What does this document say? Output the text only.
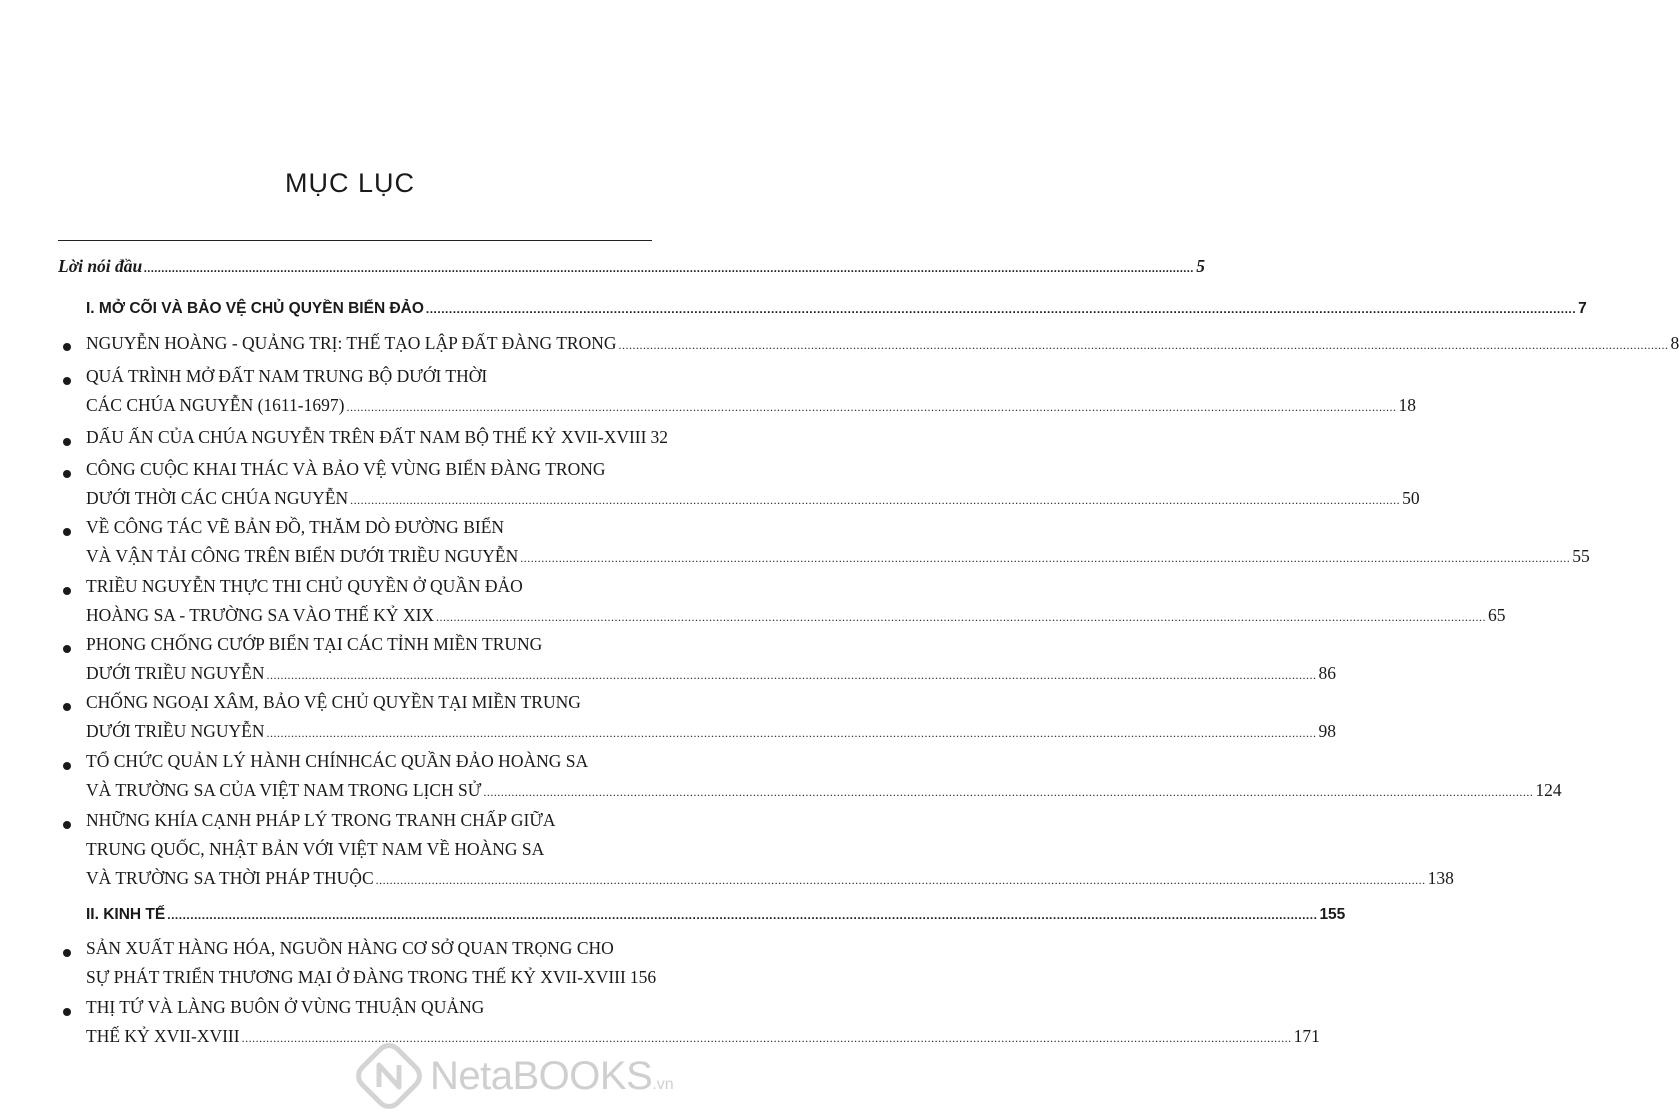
MỤC LỤC
Lời nói đầu ............................................................................................................................................................................................................................................................................................................ 5
I. MỞ CÕI VÀ BẢO VỆ CHỦ QUYỀN BIỂN ĐẢO ............................................................................................................................................................................................................................................................................................................ 7
NGUYỄN HOÀNG - QUẢNG TRỊ: THẾ TẠO LẬP ĐẤT ĐÀNG TRONG ............................................................................................................................................................................................................................................................................................................ 8
QUÁ TRÌNH MỞ ĐẤT NAM TRUNG BỘ DƯỚI THỜI
CÁC CHÚA NGUYỄN (1611-1697) ............................................................................................................................................................................................................................................................................................................ 18
DẤU ẤN CỦA CHÚA NGUYỄN TRÊN ĐẤT NAM BỘ THẾ KỶ XVII-XVIII 32
CÔNG CUỘC KHAI THÁC VÀ BẢO VỆ VÙNG BIỂN ĐÀNG TRONG
DƯỚI THỜI CÁC CHÚA NGUYỄN ............................................................................................................................................................................................................................................................................................................ 50
VỀ CÔNG TÁC VẼ BẢN ĐỒ, THĂM DÒ ĐƯỜNG BIỂN
VÀ VẬN TẢI CÔNG TRÊN BIỂN DƯỚI TRIỀU NGUYỄN ............................................................................................................................................................................................................................................................................................................ 55
TRIỀU NGUYỄN THỰC THI CHỦ QUYỀN Ở QUẦN ĐẢO
HOÀNG SA - TRƯỜNG SA VÀO THẾ KỶ XIX ............................................................................................................................................................................................................................................................................................................ 65
PHONG CHỐNG CƯỚP BIỂN TẠI CÁC TỈNH MIỀN TRUNG
DƯỚI TRIỀU NGUYỄN ............................................................................................................................................................................................................................................................................................................ 86
CHỐNG NGOẠI XÂM, BẢO VỆ CHỦ QUYỀN TẠI MIỀN TRUNG
DƯỚI TRIỀU NGUYỄN ............................................................................................................................................................................................................................................................................................................ 98
TỔ CHỨC QUẢN LÝ HÀNH CHÍNHCÁC QUẦN ĐẢO HOÀNG SA
VÀ TRƯỜNG SA CỦA VIỆT NAM TRONG LỊCH SỬ ............................................................................................................................................................................................................................................................................................................ 124
NHỮNG KHÍA CẠNH PHÁP LÝ TRONG TRANH CHẤP GIỮA
TRUNG QUỐC, NHẬT BẢN VỚI VIỆT NAM VỀ HOÀNG SA
VÀ TRƯỜNG SA THỜI PHÁP THUỘC ............................................................................................................................................................................................................................................................................................................ 138
II. KINH TẾ ............................................................................................................................................................................................................................................................................................................ 155
SẢN XUẤT HÀNG HÓA, NGUỒN HÀNG CƠ SỞ QUAN TRỌNG CHO
SỰ PHÁT TRIỂN THƯƠNG MẠI Ở ĐÀNG TRONG THẾ KỶ XVII-XVIII 156
THỊ TỨ VÀ LÀNG BUÔN Ở VÙNG THUẬN QUẢNG
THẾ KỶ XVII-XVIII ............................................................................................................................................................................................................................................................................................................ 171
NetaBOOKS.vn
